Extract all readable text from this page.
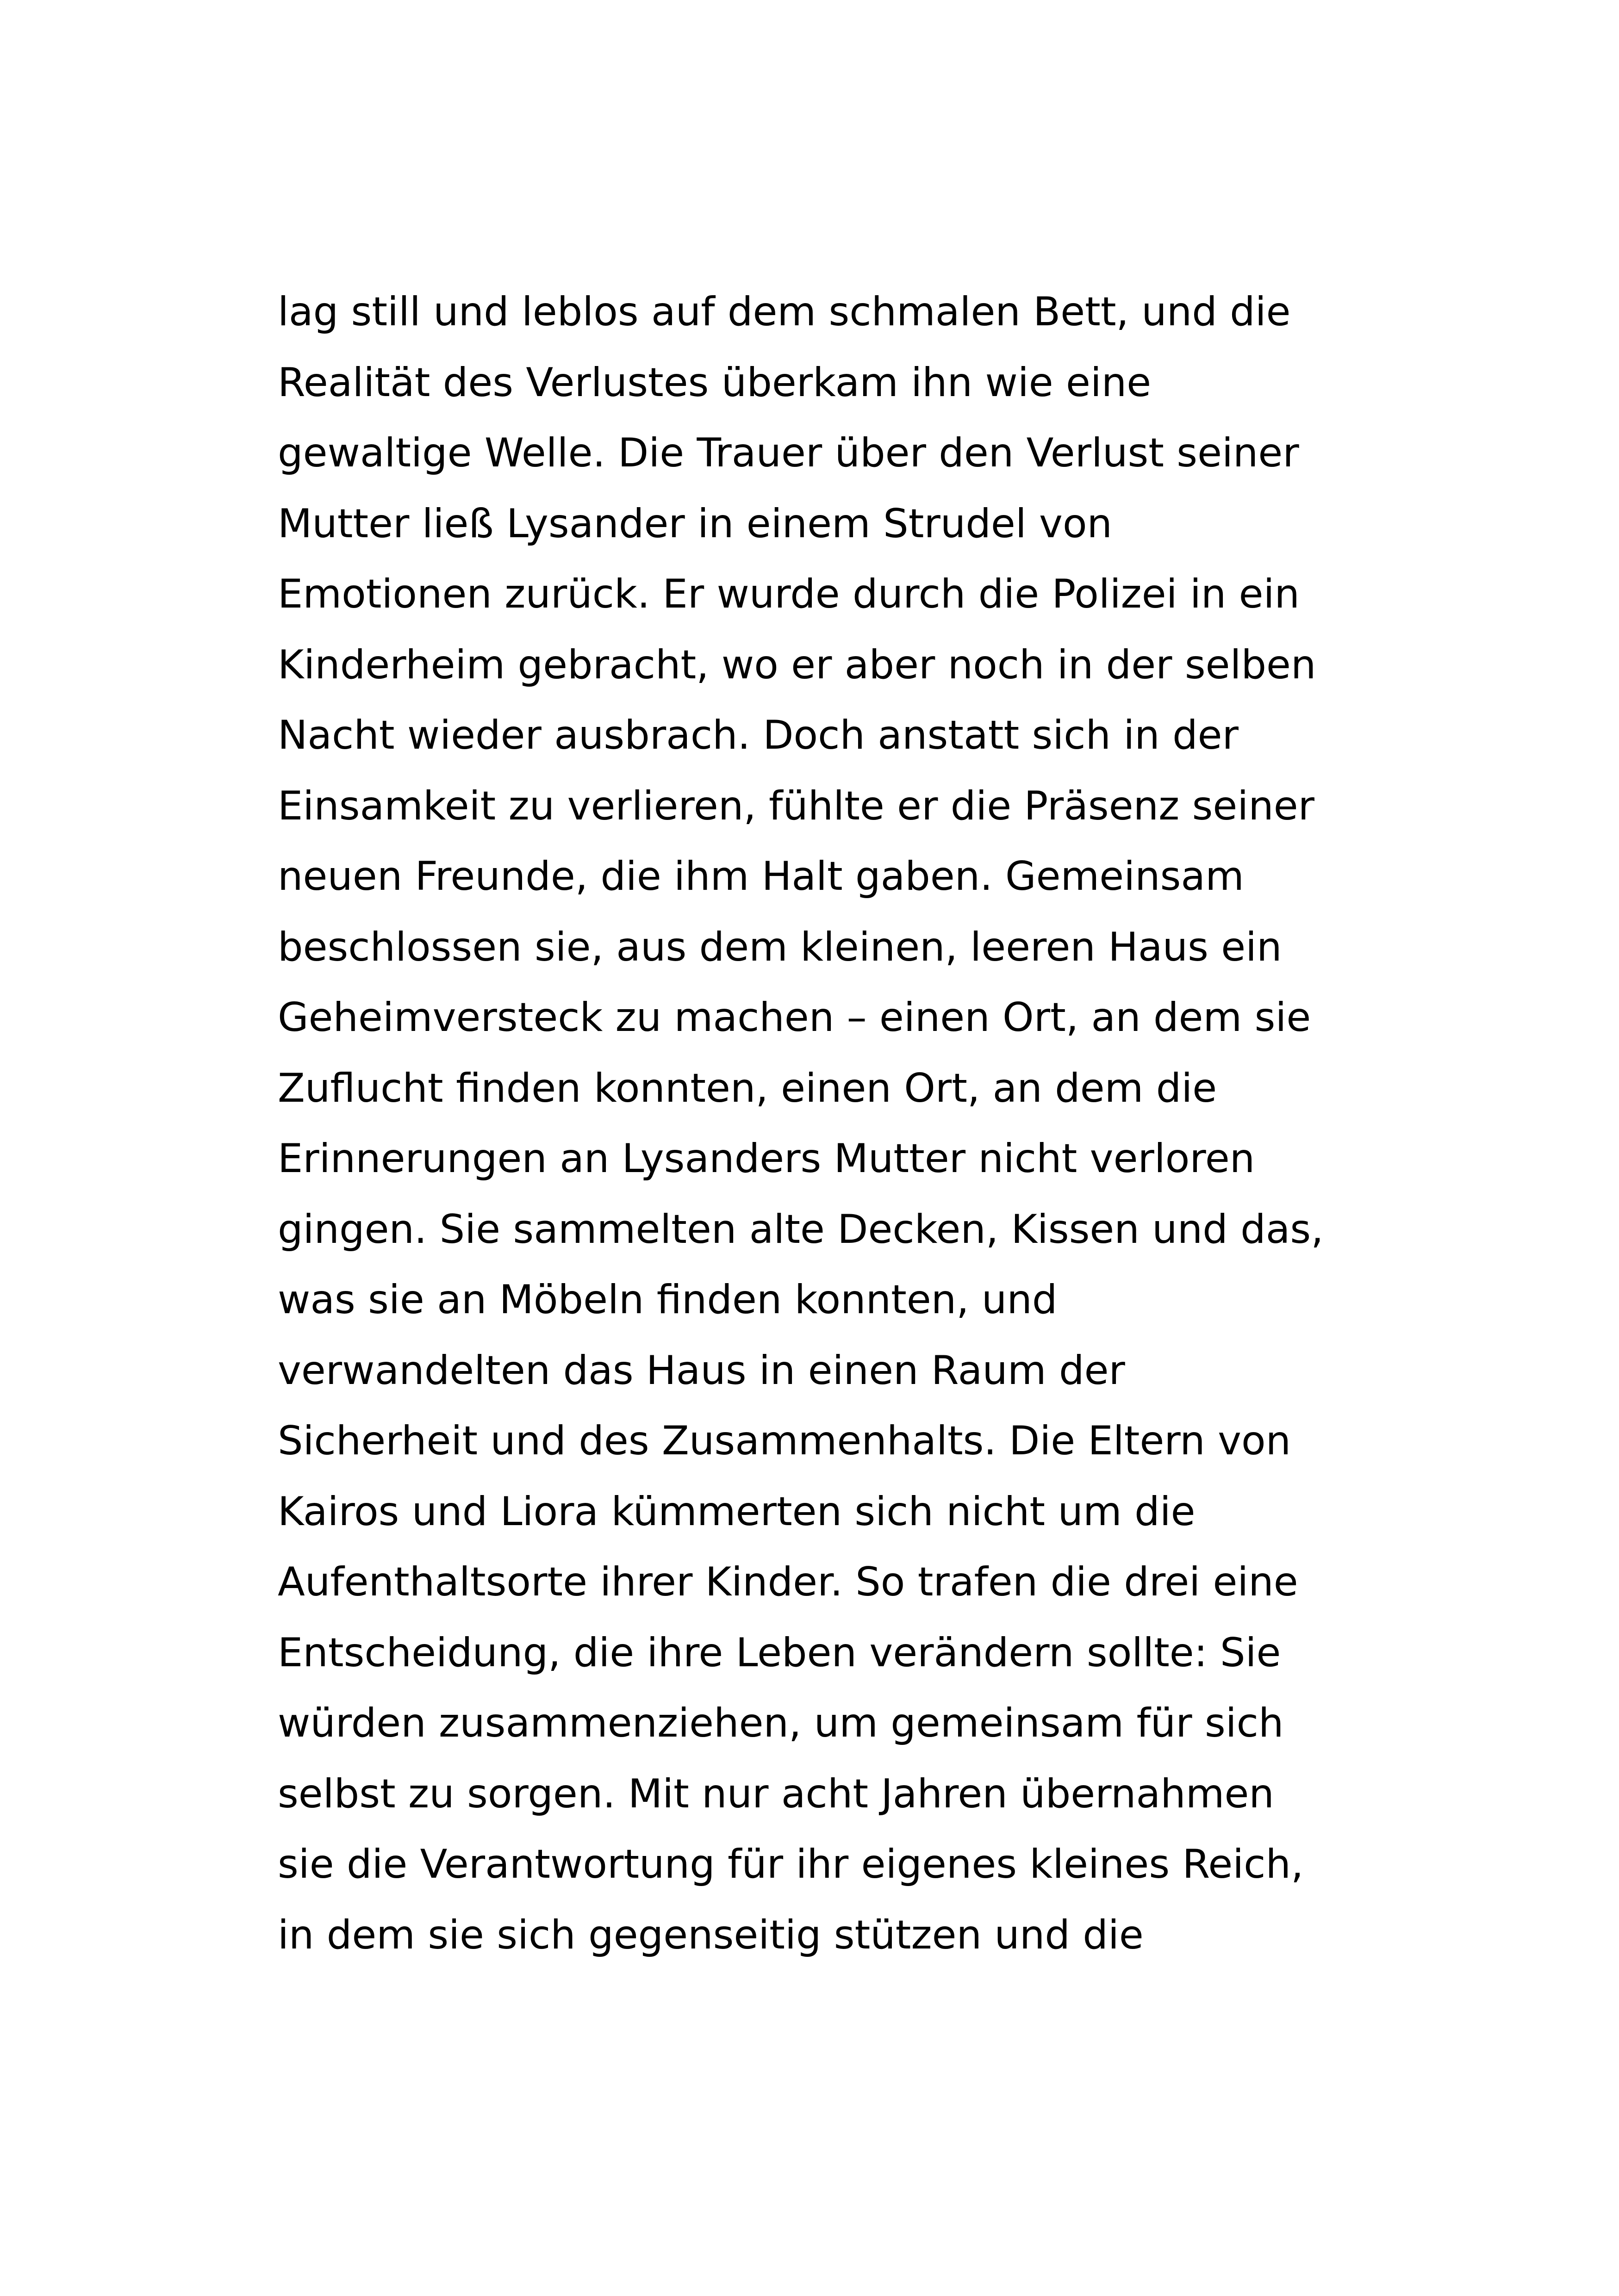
lag still und leblos auf dem schmalen Bett, und die
Realität des Verlustes überkam ihn wie eine
gewaltige Welle. Die Trauer über den Verlust seiner
Mutter ließ Lysander in einem Strudel von
Emotionen zurück. Er wurde durch die Polizei in ein
Kinderheim gebracht, wo er aber noch in der selben
Nacht wieder ausbrach. Doch anstatt sich in der
Einsamkeit zu verlieren, fühlte er die Präsenz seiner
neuen Freunde, die ihm Halt gaben. Gemeinsam
beschlossen sie, aus dem kleinen, leeren Haus ein
Geheimversteck zu machen – einen Ort, an dem sie
Zuflucht finden konnten, einen Ort, an dem die
Erinnerungen an Lysanders Mutter nicht verloren
gingen. Sie sammelten alte Decken, Kissen und das,
was sie an Möbeln finden konnten, und
verwandelten das Haus in einen Raum der
Sicherheit und des Zusammenhalts. Die Eltern von
Kairos und Liora kümmerten sich nicht um die
Aufenthaltsorte ihrer Kinder. So trafen die drei eine
Entscheidung, die ihre Leben verändern sollte: Sie
würden zusammenziehen, um gemeinsam für sich
selbst zu sorgen. Mit nur acht Jahren übernahmen
sie die Verantwortung für ihr eigenes kleines Reich,
in dem sie sich gegenseitig stützen und die
